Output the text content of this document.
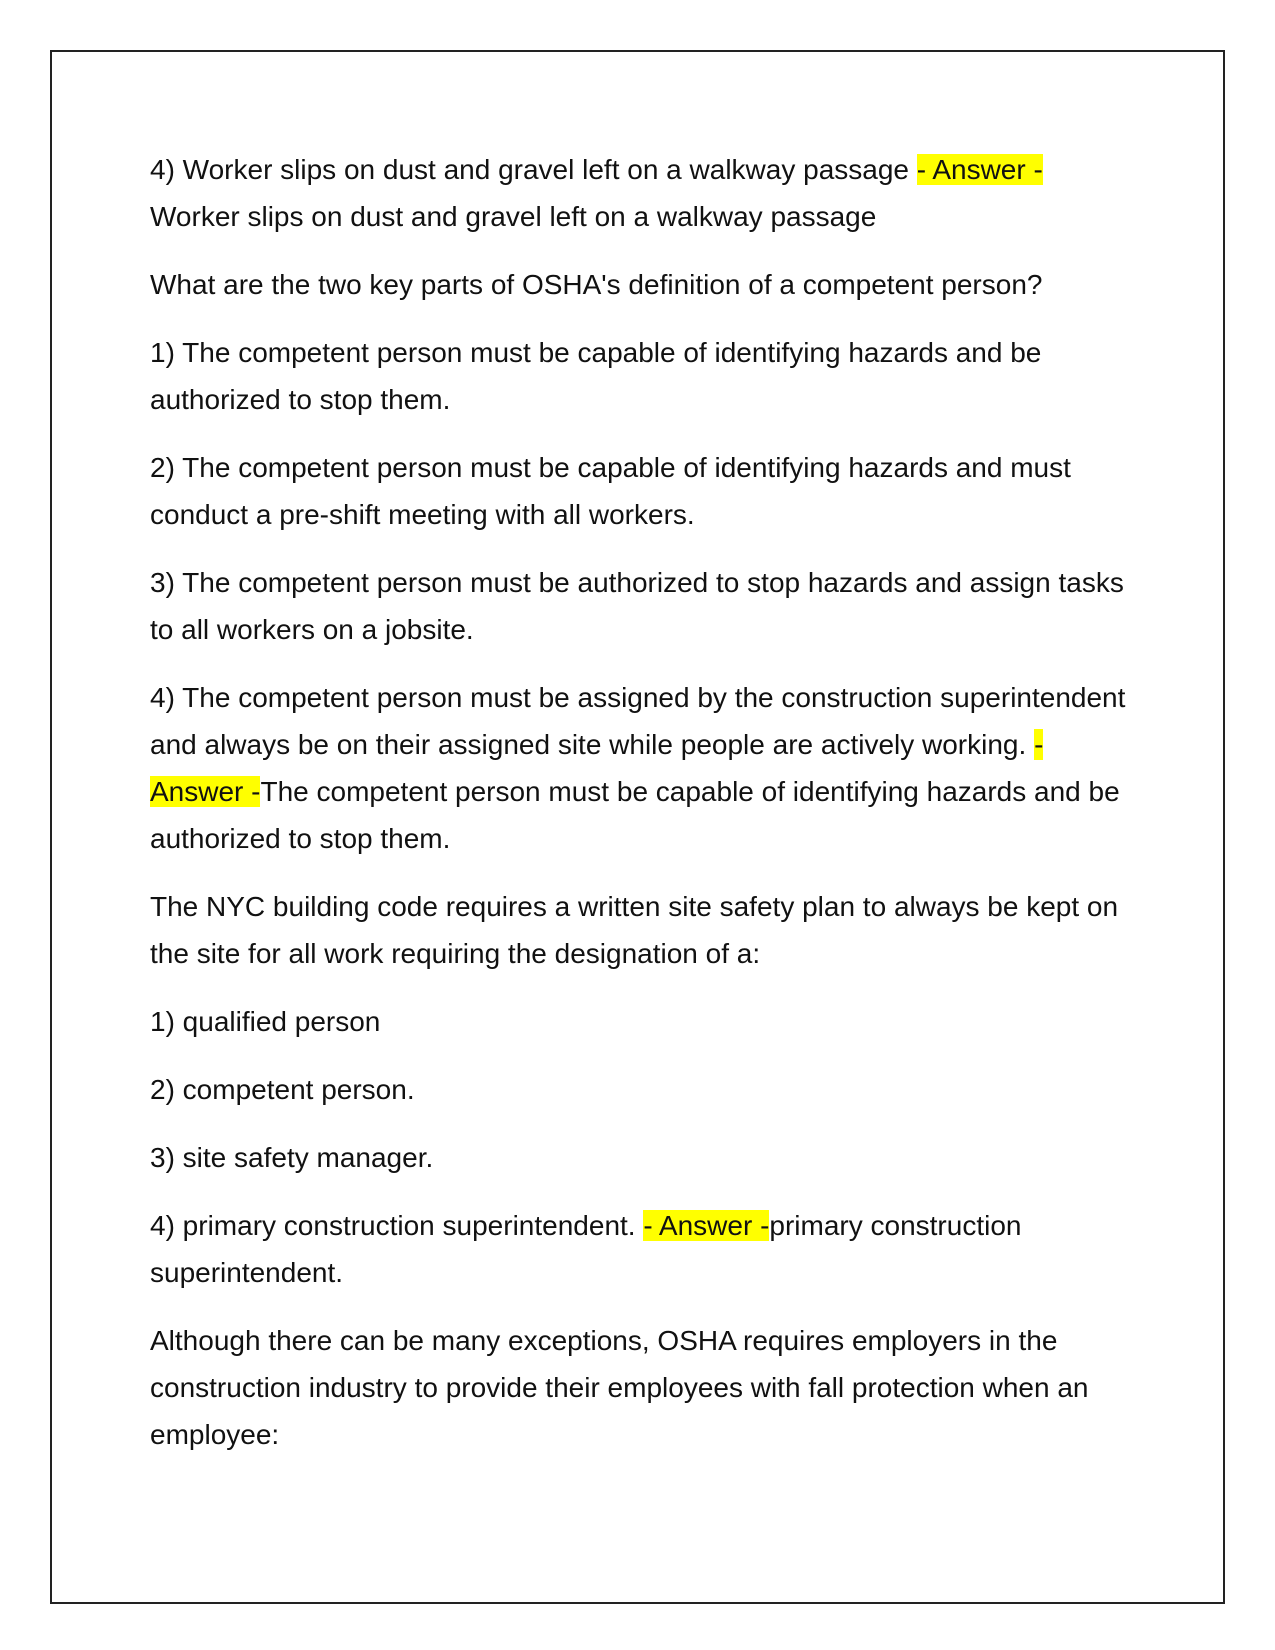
4) Worker slips on dust and gravel left on a walkway passage - Answer - Worker slips on dust and gravel left on a walkway passage

What are the two key parts of OSHA's definition of a competent person?

1) The competent person must be capable of identifying hazards and be authorized to stop them.

2) The competent person must be capable of identifying hazards and must conduct a pre-shift meeting with all workers.

3) The competent person must be authorized to stop hazards and assign tasks to all workers on a jobsite.

4) The competent person must be assigned by the construction superintendent and always be on their assigned site while people are actively working. - Answer -The competent person must be capable of identifying hazards and be authorized to stop them.

The NYC building code requires a written site safety plan to always be kept on the site for all work requiring the designation of a:

1) qualified person

2) competent person.

3) site safety manager.

4) primary construction superintendent. - Answer -primary construction superintendent.

Although there can be many exceptions, OSHA requires employers in the construction industry to provide their employees with fall protection when an employee:
